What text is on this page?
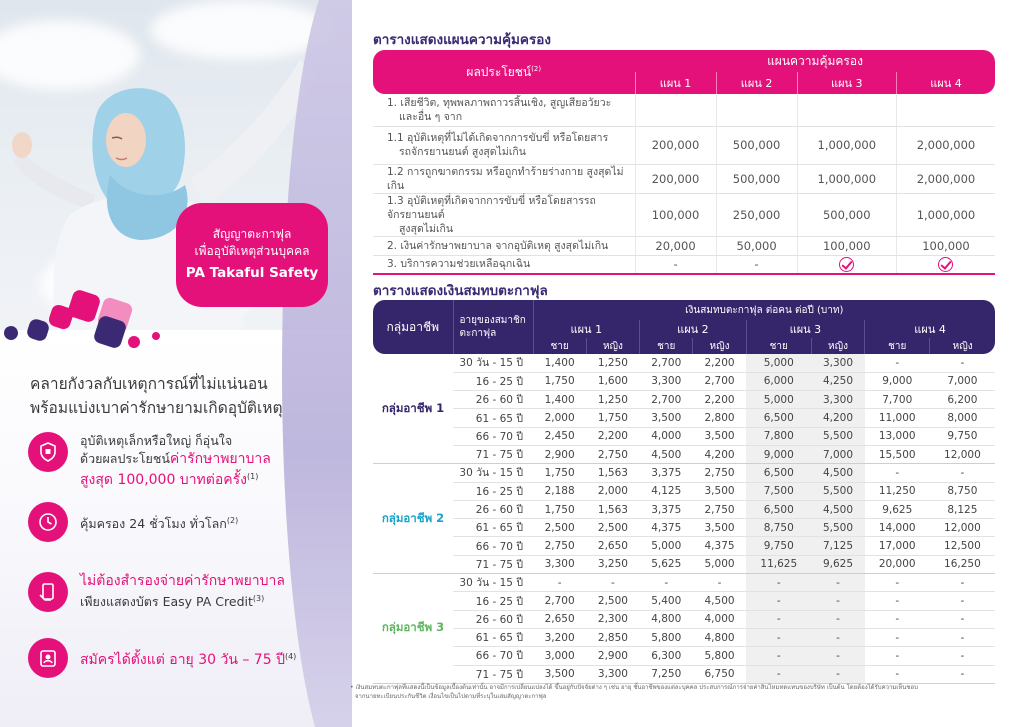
สัญญาตะกาฟุล
เพื่ออุบัติเหตุส่วนบุคคล
PA Takaful Safety
คลายกังวลกับเหตุการณ์ที่ไม่แน่นอน
พร้อมแบ่งเบาค่ารักษายามเกิดอุบัติเหตุ
อุบัติเหตุเล็กหรือใหญ่ ก็อุ่นใจ
ด้วยผลประโยชน์ค่ารักษาพยาบาล
สูงสุด 100,000 บาทต่อครั้ง$^{(1)}$
คุ้มครอง 24 ชั่วโมง ทั่วโลก$^{(2)}$
ไม่ต้องสำรองจ่ายค่ารักษาพยาบาล
เพียงแสดงบัตร Easy PA Credit$^{(3)}$
สมัครได้ตั้งแต่ อายุ 30 วัน – 75 ปี$^{(4)}$
ตารางแสดงแผนความคุ้มครอง
ผลประโยชน์$^{(2)}$	แผนความคุ้มครอง			
	แผน 1	แผน 2	แผน 3	แผน 4

1. เสียชีวิต, ทุพพลภาพถาวรสิ้นเชิง, สูญเสียอวัยวะ
และอื่น ๆ จาก				

1.1 อุบัติเหตุที่ไม่ได้เกิดจากการขับขี่ หรือโดยสาร
รถจักรยานยนต์ สูงสุดไม่เกิน	200,000	500,000	1,000,000	2,000,000

1.2 การถูกฆาตกรรม หรือถูกทำร้ายร่างกาย สูงสุดไม่เกิน	200,000	500,000	1,000,000	2,000,000

1.3 อุบัติเหตุที่เกิดจากการขับขี่ หรือโดยสารรถจักรยานยนต์
สูงสุดไม่เกิน	100,000	250,000	500,000	1,000,000

2. เงินค่ารักษาพยาบาล จากอุบัติเหตุ สูงสุดไม่เกิน	20,000	50,000	100,000	100,000

3. บริการความช่วยเหลือฉุกเฉิน	-	-		
ตารางแสดงเงินสมทบตะกาฟุล
กลุ่มอาชีพ	อายุของสมาชิก
ตะกาฟุล	เงินสมทบตะกาฟุล ต่อคน ต่อปี (บาท)							
		แผน 1		แผน 2		แผน 3		แผน 4	
		ชาย	หญิง	ชาย	หญิง	ชาย	หญิง	ชาย	หญิง
กลุ่มอาชีพ 1	30 วัน - 15 ปี	1,400	1,250	2,700	2,200	5,000	3,300	-	-
	16 - 25 ปี	1,750	1,600	3,300	2,700	6,000	4,250	9,000	7,000
	26 - 60 ปี	1,400	1,250	2,700	2,200	5,000	3,300	7,700	6,200
	61 - 65 ปี	2,000	1,750	3,500	2,800	6,500	4,200	11,000	8,000
	66 - 70 ปี	2,450	2,200	4,000	3,500	7,800	5,500	13,000	9,750
	71 - 75 ปี	2,900	2,750	4,500	4,200	9,000	7,000	15,500	12,000
กลุ่มอาชีพ 2	30 วัน - 15 ปี	1,750	1,563	3,375	2,750	6,500	4,500	-	-
	16 - 25 ปี	2,188	2,000	4,125	3,500	7,500	5,500	11,250	8,750
	26 - 60 ปี	1,750	1,563	3,375	2,750	6,500	4,500	9,625	8,125
	61 - 65 ปี	2,500	2,500	4,375	3,500	8,750	5,500	14,000	12,000
	66 - 70 ปี	2,750	2,650	5,000	4,375	9,750	7,125	17,000	12,500
	71 - 75 ปี	3,300	3,250	5,625	5,000	11,625	9,625	20,000	16,250
กลุ่มอาชีพ 3	30 วัน - 15 ปี	-	-	-	-	-	-	-	-
	16 - 25 ปี	2,700	2,500	5,400	4,500	-	-	-	-
	26 - 60 ปี	2,650	2,300	4,800	4,000	-	-	-	-
	61 - 65 ปี	3,200	2,850	5,800	4,800	-	-	-	-
	66 - 70 ปี	3,000	2,900	6,300	5,800	-	-	-	-
	71 - 75 ปี	3,500	3,300	7,250	6,750	-	-	-	-
• เงินสมทบตะกาฟุลที่แสดงนี้เป็นข้อมูลเบื้องต้นเท่านั้น อาจมีการเปลี่ยนแปลงได้ ขึ้นอยู่กับปัจจัยต่าง ๆ เช่น อายุ ชั้นอาชีพของแต่ละบุคคล ประสบการณ์การจ่ายค่าสินไหมทดแทนของบริษัท เป็นต้น โดยต้องได้รับความเห็นชอบ
จากนายทะเบียนประกันชีวิต เงื่อนไขเป็นไปตามที่ระบุในเล่มสัญญาตะกาฟุล
